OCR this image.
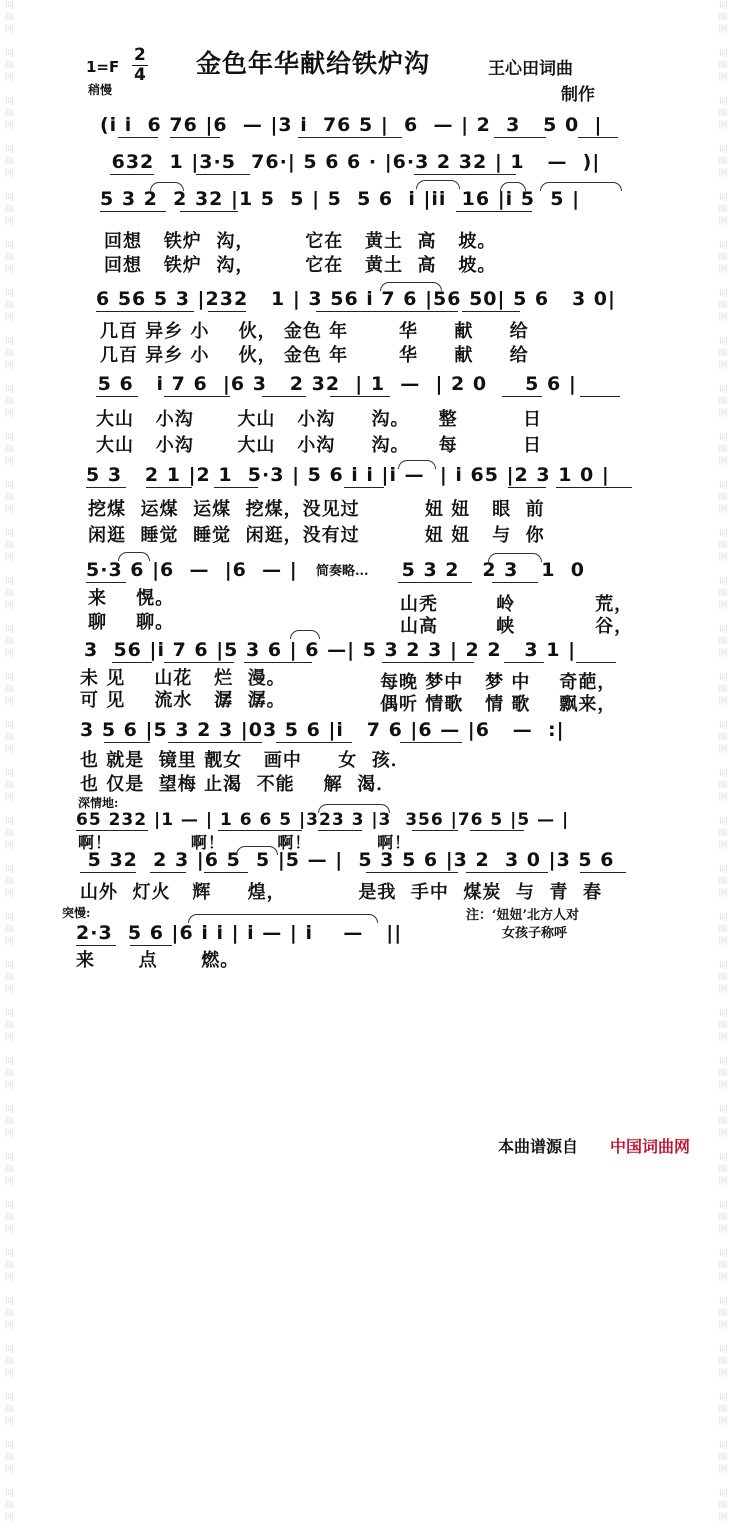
词
曲
网

词
曲
网

词
曲
网

词
曲
网

词
曲
网

词
曲
网

词
曲
网

词
曲
网

词
曲
网

词
曲
网

词
曲
网

词
曲
网

词
曲
网

词
曲
网

词
曲
网

词
曲
网

词
曲
网

词
曲
网

词
曲
网

词
曲
网

词
曲
网

词
曲
网

词
曲
网

词
曲
网

词
曲
网

词
曲
网

词
曲
网

词
曲
网

词
曲
网

词
曲
网

词
曲
网

词
曲
网

词
曲
网

词
曲
网

词
曲
网

词
曲
网

词
曲
网

词
曲
网

词
曲
网

词
曲
网

词
曲
网

词
曲
网

词
曲
网

词
曲
网

词
曲
网

词
曲
网

词
曲
网

词
曲
网

词
曲
网

词
曲
网

词
曲
网

词
曲
网

词
曲
网

词
曲
网

词
曲
网

词
曲
网

词
曲
网

词
曲
网

词
曲
网

词
曲
网

词
曲
网

词
曲
网

词
曲
网

词
曲
网

$1=F \frac{2}{4}$
稍慢
金色年华献给铁炉沟	王心田词曲
制作
(i i  6 76 |6  — |3 i  76 5 |  6  — | 2  3   5 0  |
632  1 |3·5  76·| 5 6 6 · |6·3 2 32 | 1   —  )|
5 3 2  2 32 |1 5  5 | 5  5 6  i |ii  16 |i 5  5 |
回想   铁炉  沟，       它在   黄土  高   坡。
回想   铁炉  沟，       它在   黄土  高   坡。
6 56 5 3 |232   1 | 3 56 i 7 6 |56 50| 5 6   3 0|
几百 异乡 小    伙， 金色 年       华     献     给
几百 异乡 小    伙， 金色 年       华     献     给
5 6   i 7 6  |6 3   2 32  | 1  —  | 2 0     5 6 |
大山   小沟      大山   小沟     沟。    整         日
大山   小沟      大山   小沟     沟。    每         日
5 3   2 1 |2 1  5·3 | 5 6 i i |i —  | i 65 |2 3 1 0 |
挖煤  运煤  运煤  挖煤，没见过         妞 妞   眼  前
闲逛  睡觉  睡觉  闲逛，没有过         妞 妞   与  你
5·3 6 |6  —  |6  — | 简奏略... 5 3 2   2 3   1  0
来    愰。
聊    聊。
山秃        岭           荒，
山高        峡           谷，
3  56 |i 7 6 |5 3 6 | 6 —| 5 3 2 3 | 2 2   3 1 |
未 见    山花   烂  漫。
可 见    流水   潺  潺。
每晚 梦中   梦 中    奇葩，
偶听 情歌   情 歌    飘来，
3 5 6 |5 3 2 3 |03 5 6 |i   7 6 |6 — |6   —  :|
也 就是  镜里 靓女   画中     女  孩．
也 仅是  望梅 止渴  不能    解  渴．
深情地:
65 232 |1 — | 1 6 6 5 |323 3 |3  356 |76 5 |5 — |
啊！            啊！        啊！          啊！
5 32  2 3 |6 5  5 |5 — |  5 3 5 6 |3 2  3 0 |3 5 6
山外  灯火   辉     煌，          是我  手中  煤炭  与  青  春
突慢:
2·3  5 6 |6 i i | i — | i    —   ||
来      点      燃。
注：‘妞妞’北方人对
女孩子称呼
本曲谱源自 中国词曲网
